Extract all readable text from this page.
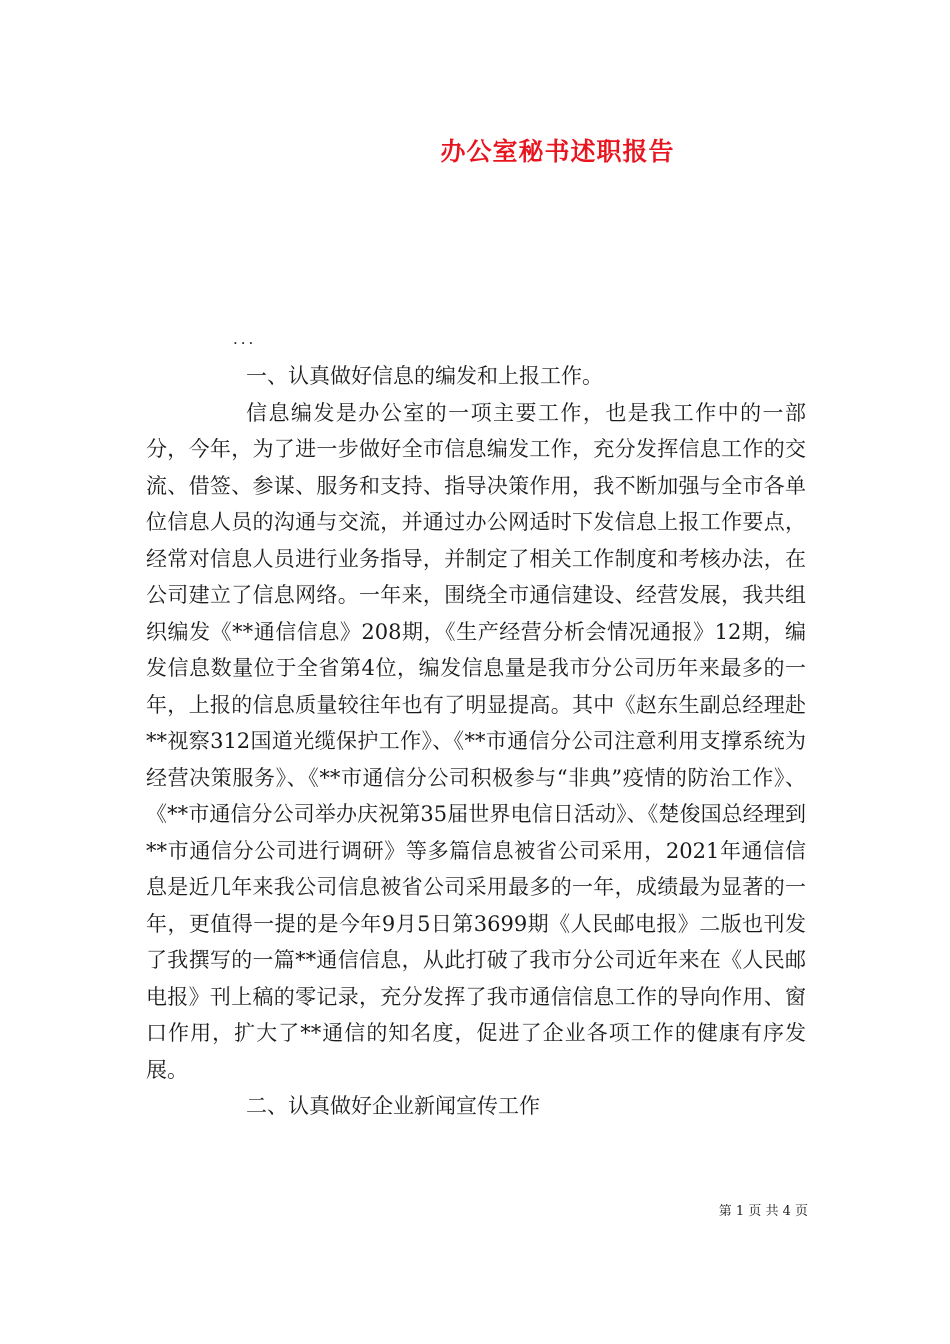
办公室秘书述职报告
...

一、认真做好信息的编发和上报工作。

信息编发是办公室的一项主要工作，也是我工作中的一部分，今年，为了进一步做好全市信息编发工作，充分发挥信息工作的交流、借签、参谋、服务和支持、指导决策作用，我不断加强与全市各单位信息人员的沟通与交流，并通过办公网适时下发信息上报工作要点，经常对信息人员进行业务指导，并制定了相关工作制度和考核办法，在公司建立了信息网络。一年来，围绕全市通信建设、经营发展，我共组织编发《**通信信息》208期，《生产经营分析会情况通报》12期，编发信息数量位于全省第4位，编发信息量是我市分公司历年来最多的一年，上报的信息质量较往年也有了明显提高。其中《赵东生副总经理赴**视察312国道光缆保护工作》、《**市通信分公司注意利用支撑系统为经营决策服务》、《**市通信分公司积极参与“非典”疫情的防治工作》、《**市通信分公司举办庆祝第35届世界电信日活动》、《楚俊国总经理到**市通信分公司进行调研》等多篇信息被省公司采用，2021年通信信息是近几年来我公司信息被省公司采用最多的一年，成绩最为显著的一年，更值得一提的是今年9月5日第3699期《人民邮电报》二版也刊发了我撰写的一篇**通信信息，从此打破了我市分公司近年来在《人民邮电报》刊上稿的零记录，充分发挥了我市通信信息工作的导向作用、窗口作用，扩大了**通信的知名度，促进了企业各项工作的健康有序发展。

二、认真做好企业新闻宣传工作

第 1 页 共 4 页
